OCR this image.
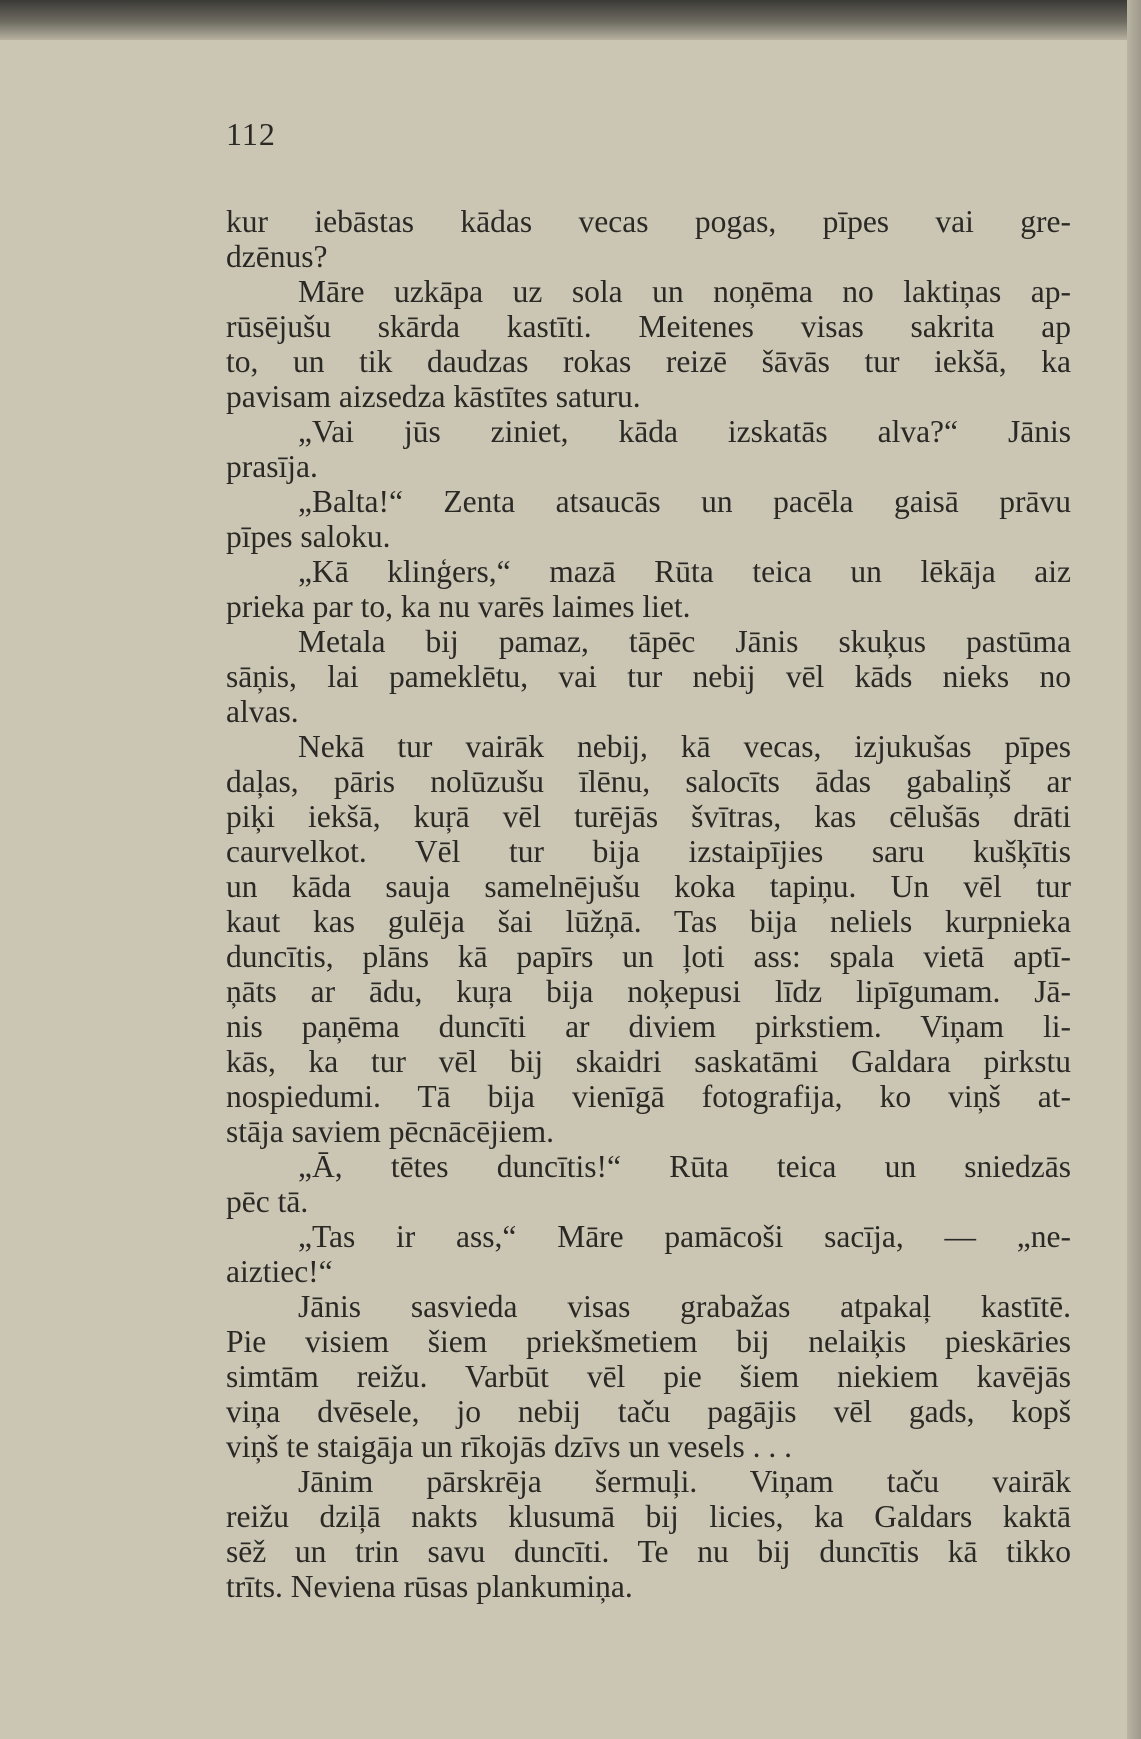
112
kur iebāstas kādas vecas pogas, pīpes vai gre-
dzēnus?
Māre uzkāpa uz sola un noņēma no laktiņas ap-
rūsējušu skārda kastīti. Meitenes visas sakrita ap
to, un tik daudzas rokas reizē šāvās tur iekšā, ka
pavisam aizsedza kāstītes saturu.
„Vai jūs ziniet, kāda izskatās alva?“ Jānis
prasīja.
„Balta!“ Zenta atsaucās un pacēla gaisā prāvu
pīpes saloku.
„Kā klinģers,“ mazā Rūta teica un lēkāja aiz
prieka par to, ka nu varēs laimes liet.
Metala bij pamaz, tāpēc Jānis skuķus pastūma
sāņis, lai pameklētu, vai tur nebij vēl kāds nieks no
alvas.
Nekā tur vairāk nebij, kā vecas, izjukušas pīpes
daļas, pāris nolūzušu īlēnu, salocīts ādas gabaliņš ar
piķi iekšā, kuŗā vēl turējās švītras, kas cēlušās drāti
caurvelkot. Vēl tur bija izstaipījies saru kušķītis
un kāda sauja samelnējušu koka tapiņu. Un vēl tur
kaut kas gulēja šai lūžņā. Tas bija neliels kurpnieka
duncītis, plāns kā papīrs un ļoti ass: spala vietā aptī-
ņāts ar ādu, kuŗa bija noķepusi līdz lipīgumam. Jā-
nis paņēma duncīti ar diviem pirkstiem. Viņam li-
kās, ka tur vēl bij skaidri saskatāmi Galdara pirkstu
nospiedumi. Tā bija vienīgā fotografija, ko viņš at-
stāja saviem pēcnācējiem.
„Ā, tētes duncītis!“ Rūta teica un sniedzās
pēc tā.
„Tas ir ass,“ Māre pamācoši sacīja, — „ne-
aiztiec!“
Jānis sasvieda visas grabažas atpakaļ kastītē.
Pie visiem šiem priekšmetiem bij nelaiķis pieskāries
simtām reižu. Varbūt vēl pie šiem niekiem kavējās
viņa dvēsele, jo nebij taču pagājis vēl gads, kopš
viņš te staigāja un rīkojās dzīvs un vesels . . .
Jānim pārskrēja šermuļi. Viņam taču vairāk
reižu dziļā nakts klusumā bij licies, ka Galdars kaktā
sēž un trin savu duncīti. Te nu bij duncītis kā tikko
trīts. Neviena rūsas plankumiņa.
